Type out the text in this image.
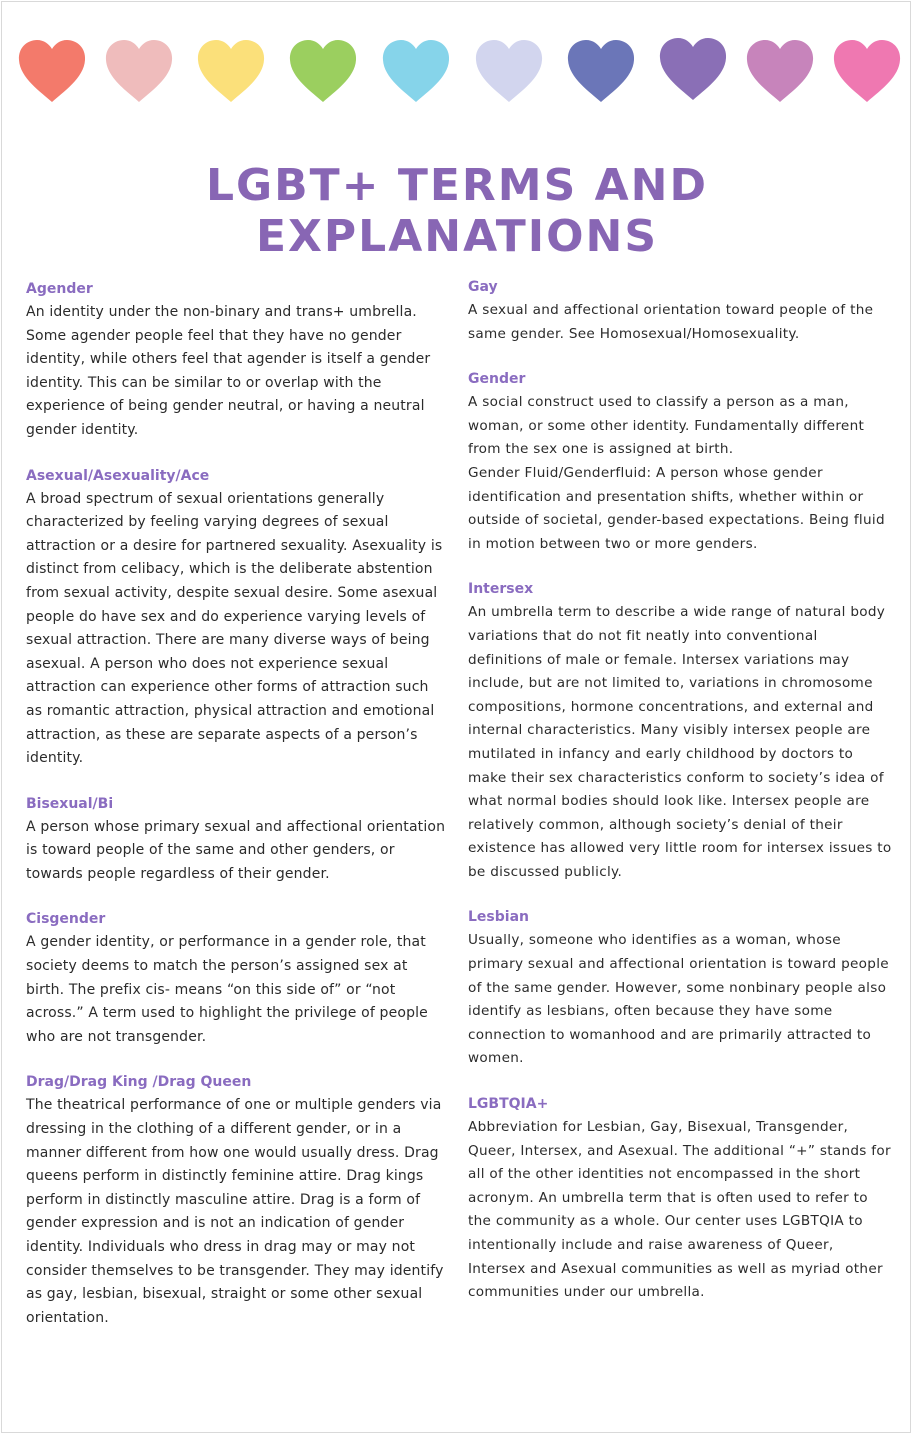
LGBT+ TERMS AND EXPLANATIONS

Agender

An identity under the non-binary and trans+ umbrella. Some agender people feel that they have no gender identity, while others feel that agender is itself a gender identity. This can be similar to or overlap with the experience of being gender neutral, or having a neutral gender identity.

Asexual/Asexuality/Ace

A broad spectrum of sexual orientations generally characterized by feeling varying degrees of sexual attraction or a desire for partnered sexuality. Asexuality is distinct from celibacy, which is the deliberate abstention from sexual activity, despite sexual desire. Some asexual people do have sex and do experience varying levels of sexual attraction. There are many diverse ways of being asexual. A person who does not experience sexual attraction can experience other forms of attraction such as romantic attraction, physical attraction and emotional attraction, as these are separate aspects of a person’s identity.

Bisexual/Bi

A person whose primary sexual and affectional orientation is toward people of the same and other genders, or towards people regardless of their gender.

Cisgender

A gender identity, or performance in a gender role, that society deems to match the person’s assigned sex at birth. The prefix cis- means “on this side of” or “not across.” A term used to highlight the privilege of people who are not transgender.

Drag/Drag King /Drag Queen

The theatrical performance of one or multiple genders via dressing in the clothing of a different gender, or in a manner different from how one would usually dress. Drag queens perform in distinctly feminine attire. Drag kings perform in distinctly masculine attire. Drag is a form of gender expression and is not an indication of gender identity. Individuals who dress in drag may or may not consider themselves to be transgender. They may identify as gay, lesbian, bisexual, straight or some other sexual orientation.

Gay

A sexual and affectional orientation toward people of the same gender. See Homosexual/Homosexuality.

Gender

A social construct used to classify a person as a man, woman, or some other identity. Fundamentally different from the sex one is assigned at birth.

Gender Fluid/Genderfluid: A person whose gender identification and presentation shifts, whether within or outside of societal, gender-based expectations. Being fluid in motion between two or more genders.

Intersex

An umbrella term to describe a wide range of natural body variations that do not fit neatly into conventional definitions of male or female. Intersex variations may include, but are not limited to, variations in chromosome compositions, hormone concentrations, and external and internal characteristics. Many visibly intersex people are mutilated in infancy and early childhood by doctors to make their sex characteristics conform to society’s idea of what normal bodies should look like. Intersex people are relatively common, although society’s denial of their existence has allowed very little room for intersex issues to be discussed publicly.

Lesbian

Usually, someone who identifies as a woman, whose primary sexual and affectional orientation is toward people of the same gender. However, some nonbinary people also identify as lesbians, often because they have some connection to womanhood and are primarily attracted to women.

LGBTQIA+

Abbreviation for Lesbian, Gay, Bisexual, Transgender, Queer, Intersex, and Asexual. The additional “+” stands for all of the other identities not encompassed in the short acronym. An umbrella term that is often used to refer to the community as a whole. Our center uses LGBTQIA to intentionally include and raise awareness of Queer, Intersex and Asexual communities as well as myriad other communities under our umbrella.
